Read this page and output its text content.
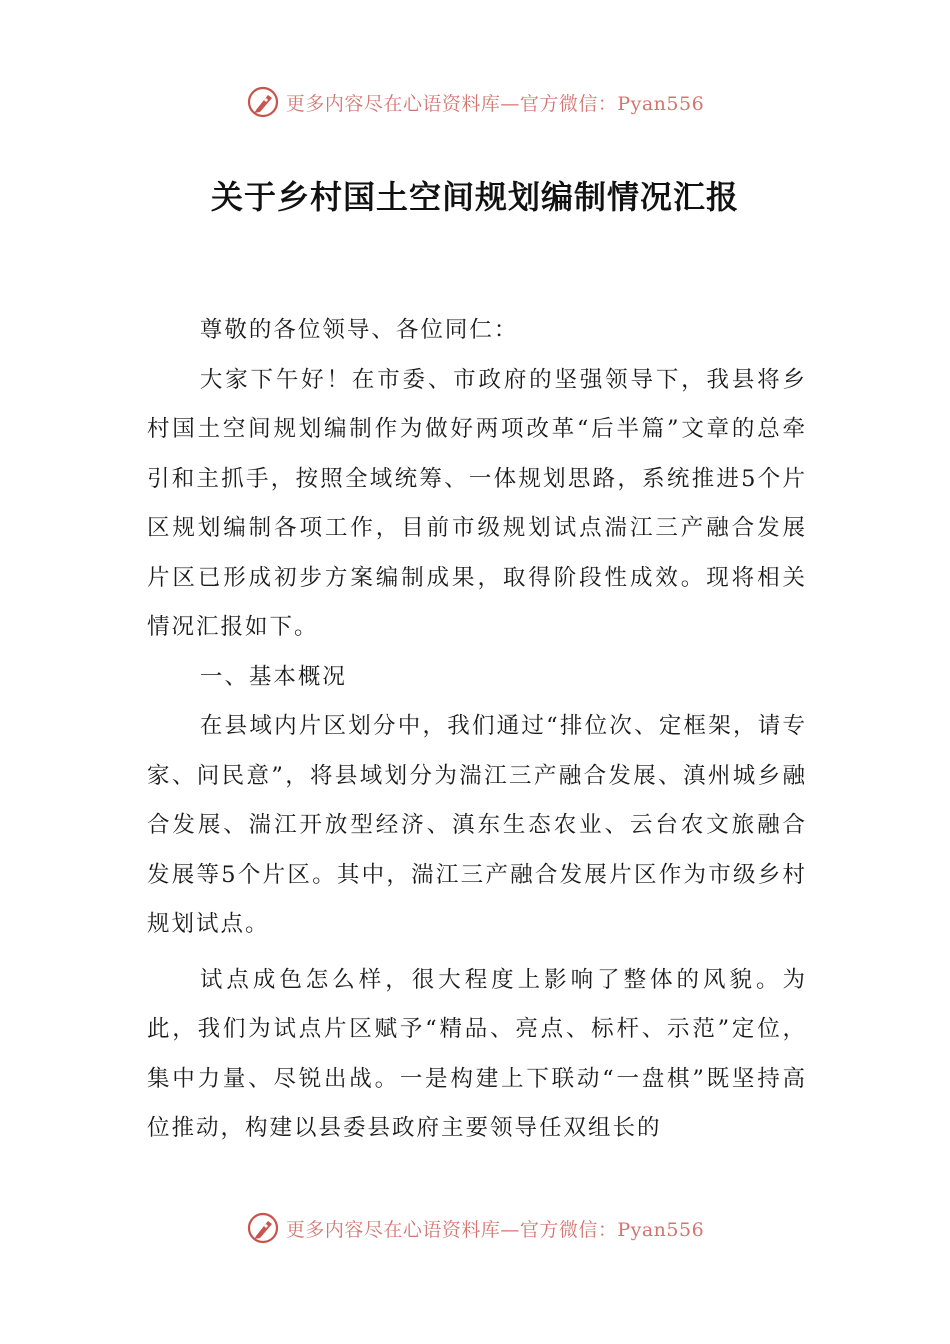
更多内容尽在心语资料库—官方微信：Pyan556
关于乡村国土空间规划编制情况汇报

尊敬的各位领导、各位同仁：

大家下午好！在市委、市政府的坚强领导下，我县将乡村国土空间规划编制作为做好两项改革“后半篇”文章的总牵引和主抓手，按照全域统筹、一体规划思路，系统推进5个片区规划编制各项工作，目前市级规划试点湍江三产融合发展片区已形成初步方案编制成果，取得阶段性成效。现将相关情况汇报如下。

一、基本概况

在县域内片区划分中，我们通过“排位次、定框架，请专家、问民意”，将县域划分为湍江三产融合发展、滇州城乡融合发展、湍江开放型经济、滇东生态农业、云台农文旅融合发展等5个片区。其中，湍江三产融合发展片区作为市级乡村规划试点。

试点成色怎么样，很大程度上影响了整体的风貌。为此，我们为试点片区赋予“精品、亮点、标杆、示范”定位，集中力量、尽锐出战。一是构建上下联动“一盘棋”既坚持高位推动，构建以县委县政府主要领导任双组长的

更多内容尽在心语资料库—官方微信：Pyan556
